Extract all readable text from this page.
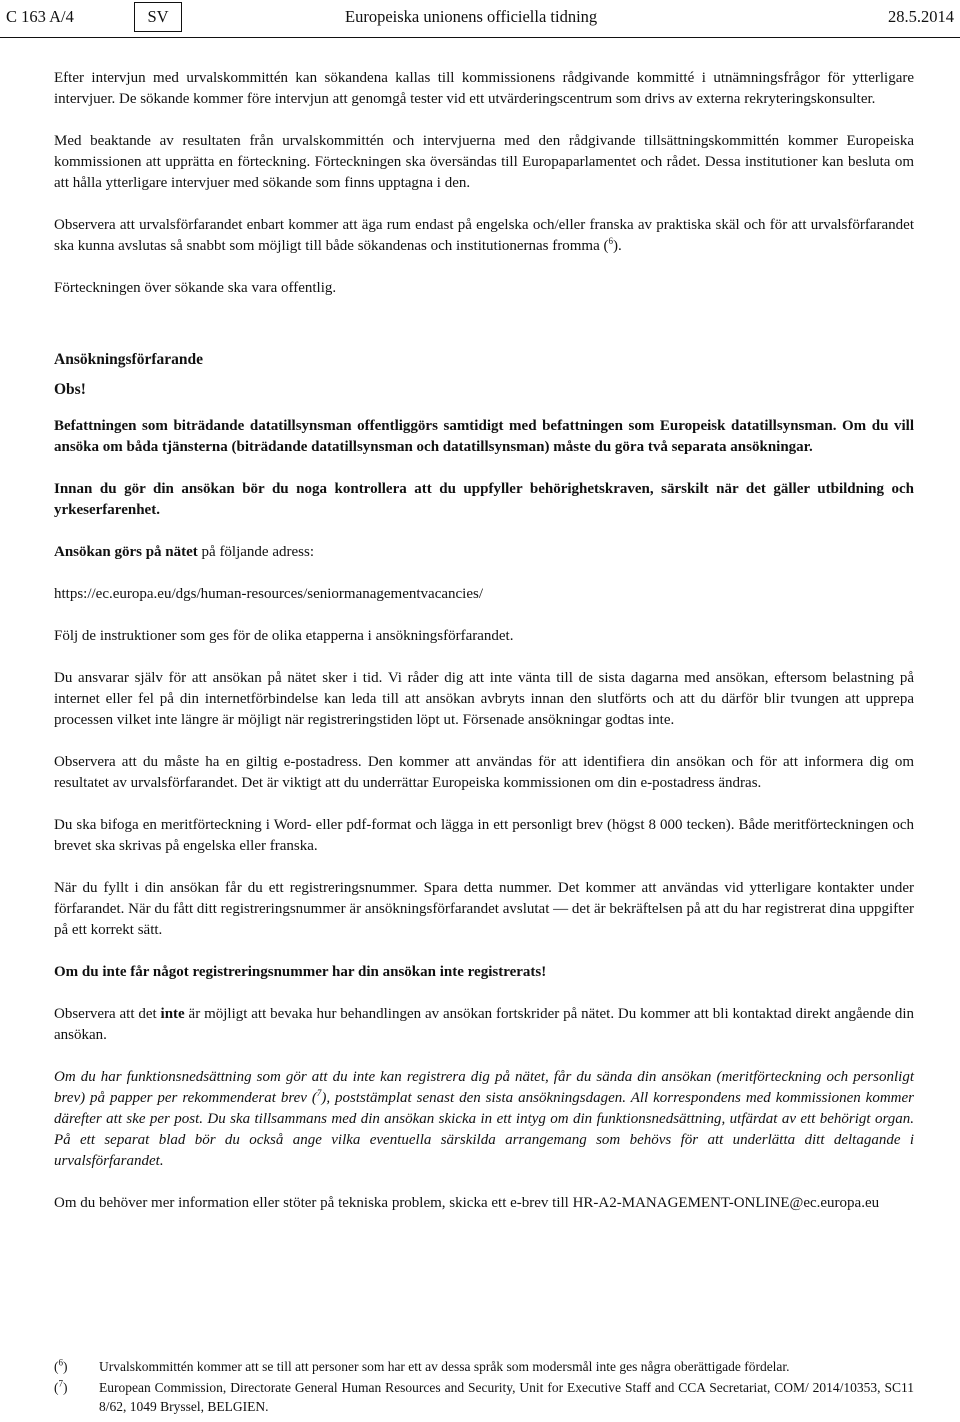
C 163 A/4	SV	Europeiska unionens officiella tidning	28.5.2014

Efter intervjun med urvalskommittén kan sökandena kallas till kommissionens rådgivande kommitté i utnämningsfrågor för ytterligare intervjuer. De sökande kommer före intervjun att genomgå tester vid ett utvärderingscentrum som drivs av externa rekryteringskonsulter.

Med beaktande av resultaten från urvalskommittén och intervjuerna med den rådgivande tillsättningskommittén kommer Europeiska kommissionen att upprätta en förteckning. Förteckningen ska översändas till Europaparlamentet och rådet. Dessa institutioner kan besluta om att hålla ytterligare intervjuer med sökande som finns upptagna i den.

Observera att urvalsförfarandet enbart kommer att äga rum endast på engelska och/eller franska av praktiska skäl och för att urvalsförfarandet ska kunna avslutas så snabbt som möjligt till både sökandenas och institutionernas fromma ($^6$).

Förteckningen över sökande ska vara offentlig.

Ansökningsförfarande

Obs!

Befattningen som biträdande datatillsynsman offentliggörs samtidigt med befattningen som Europeisk datatillsynsman. Om du vill ansöka om båda tjänsterna (biträdande datatillsynsman och datatillsynsman) måste du göra två separata ansökningar.

Innan du gör din ansökan bör du noga kontrollera att du uppfyller behörighetskraven, särskilt när det gäller utbildning och yrkeserfarenhet.

Ansökan görs på nätet på följande adress:

https://ec.europa.eu/dgs/human-resources/seniormanagementvacancies/

Följ de instruktioner som ges för de olika etapperna i ansökningsförfarandet.

Du ansvarar själv för att ansökan på nätet sker i tid. Vi råder dig att inte vänta till de sista dagarna med ansökan, eftersom belastning på internet eller fel på din internetförbindelse kan leda till att ansökan avbryts innan den slutförts och att du därför blir tvungen att upprepa processen vilket inte längre är möjligt när registreringstiden löpt ut. Försenade ansökningar godtas inte.

Observera att du måste ha en giltig e-postadress. Den kommer att användas för att identifiera din ansökan och för att informera dig om resultatet av urvalsförfarandet. Det är viktigt att du underrättar Europeiska kommissionen om din e-postadress ändras.

Du ska bifoga en meritförteckning i Word- eller pdf-format och lägga in ett personligt brev (högst 8 000 tecken). Både meritförteckningen och brevet ska skrivas på engelska eller franska.

När du fyllt i din ansökan får du ett registreringsnummer. Spara detta nummer. Det kommer att användas vid ytterligare kontakter under förfarandet. När du fått ditt registreringsnummer är ansökningsförfarandet avslutat — det är bekräftelsen på att du har registrerat dina uppgifter på ett korrekt sätt.

Om du inte får något registreringsnummer har din ansökan inte registrerats!

Observera att det inte är möjligt att bevaka hur behandlingen av ansökan fortskrider på nätet. Du kommer att bli kontaktad direkt angående din ansökan.

Om du har funktionsnedsättning som gör att du inte kan registrera dig på nätet, får du sända din ansökan (meritförteckning och personligt brev) på papper per rekommenderat brev ($^7$), poststämplat senast den sista ansökningsdagen. All korrespondens med kommissionen kommer därefter att ske per post. Du ska tillsammans med din ansökan skicka in ett intyg om din funktionsnedsättning, utfärdat av ett behörigt organ. På ett separat blad bör du också ange vilka eventuella särskilda arrangemang som behövs för att underlätta ditt deltagande i urvalsförfarandet.

Om du behöver mer information eller stöter på tekniska problem, skicka ett e-brev till HR-A2-MANAGEMENT-ONLINE@ec.europa.eu

($^6$) Urvalskommittén kommer att se till att personer som har ett av dessa språk som modersmål inte ges några oberättigade fördelar.
($^7$) European Commission, Directorate General Human Resources and Security, Unit for Executive Staff and CCA Secretariat, COM/ 2014/10353, SC11 8/62, 1049 Bryssel, BELGIEN.
